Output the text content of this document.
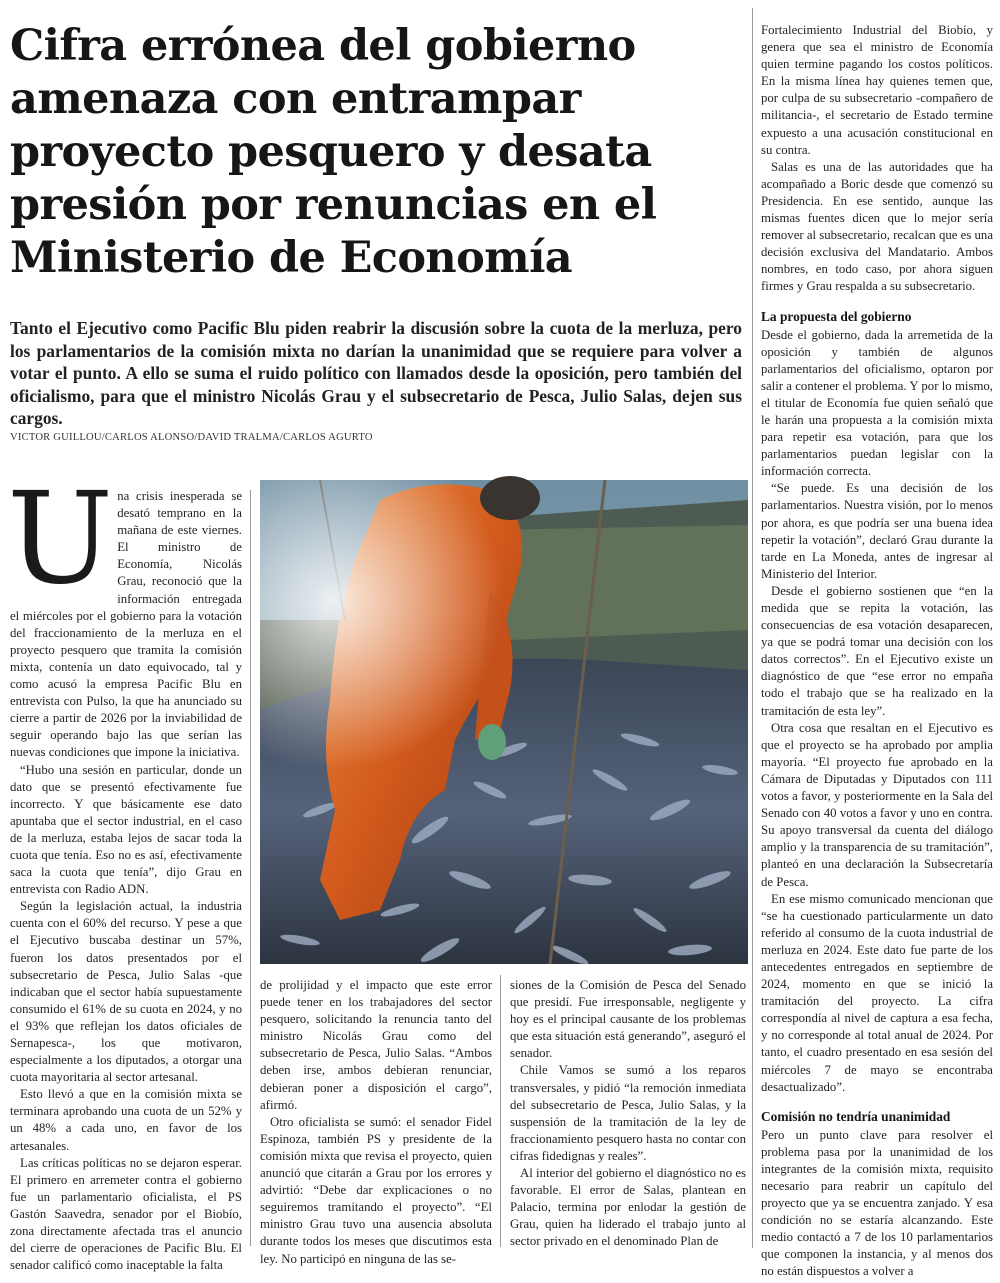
Cifra errónea del gobierno amenaza con entrampar proyecto pesquero y desata presión por renuncias en el Ministerio de Economía

Tanto el Ejecutivo como Pacific Blu piden reabrir la discusión sobre la cuota de la merluza, pero los parlamentarios de la comisión mixta no darían la unanimidad que se requiere para volver a votar el punto. A ello se suma el ruido político con llamados desde la oposición, pero también del oficialismo, para que el ministro Nicolás Grau y el subsecretario de Pesca, Julio Salas, dejen sus cargos.

VICTOR GUILLOU/CARLOS ALONSO/DAVID TRALMA/CARLOS AGURTO

U na crisis inesperada se desató temprano en la mañana de este viernes. El ministro de Economía, Nicolás Grau, reconoció que la información entregada el miércoles por el gobierno para la votación del fraccionamiento de la merluza en el proyecto pesquero que tramita la comisión mixta, contenía un dato equivocado, tal y como acusó la empresa Pacific Blu en entrevista con Pulso, la que ha anunciado su cierre a partir de 2026 por la inviabilidad de seguir operando bajo las que serían las nuevas condiciones que impone la iniciativa.

“Hubo una sesión en particular, donde un dato que se presentó efectivamente fue incorrecto. Y que básicamente ese dato apuntaba que el sector industrial, en el caso de la merluza, estaba lejos de sacar toda la cuota que tenía. Eso no es así, efectivamente saca la cuota que tenía”, dijo Grau en entrevista con Radio ADN.

Según la legislación actual, la industria cuenta con el 60% del recurso. Y pese a que el Ejecutivo buscaba destinar un 57%, fueron los datos presentados por el subsecretario de Pesca, Julio Salas -que indicaban que el sector había supuestamente consumido el 61% de su cuota en 2024, y no el 93% que reflejan los datos oficiales de Sernapesca-, los que motivaron, especialmente a los diputados, a otorgar una cuota mayoritaria al sector artesanal.

Esto llevó a que en la comisión mixta se terminara aprobando una cuota de un 52% y un 48% a cada uno, en favor de los artesanales.

Las críticas políticas no se dejaron esperar. El primero en arremeter contra el gobierno fue un parlamentario oficialista, el PS Gastón Saavedra, senador por el Biobío, zona directamente afectada tras el anuncio del cierre de operaciones de Pacific Blu. El senador calificó como inaceptable la falta

de prolijidad y el impacto que este error puede tener en los trabajadores del sector pesquero, solicitando la renuncia tanto del ministro Nicolás Grau como del subsecretario de Pesca, Julio Salas. “Ambos deben irse, ambos debieran renunciar, debieran poner a disposición el cargo”, afirmó.

Otro oficialista se sumó: el senador Fidel Espinoza, también PS y presidente de la comisión mixta que revisa el proyecto, quien anunció que citarán a Grau por los errores y advirtió: “Debe dar explicaciones o no seguiremos tramitando el proyecto”. “El ministro Grau tuvo una ausencia absoluta durante todos los meses que discutimos esta ley. No participó en ninguna de las se-

siones de la Comisión de Pesca del Senado que presidí. Fue irresponsable, negligente y hoy es el principal causante de los problemas que esta situación está generando”, aseguró el senador.

Chile Vamos se sumó a los reparos transversales, y pidió “la remoción inmediata del subsecretario de Pesca, Julio Salas, y la suspensión de la tramitación de la ley de fraccionamiento pesquero hasta no contar con cifras fidedignas y reales”.

Al interior del gobierno el diagnóstico no es favorable. El error de Salas, plantean en Palacio, termina por enlodar la gestión de Grau, quien ha liderado el trabajo junto al sector privado en el denominado Plan de

Fortalecimiento Industrial del Biobío, y genera que sea el ministro de Economía quien termine pagando los costos políticos. En la misma línea hay quienes temen que, por culpa de su subsecretario -compañero de militancia-, el secretario de Estado termine expuesto a una acusación constitucional en su contra.

Salas es una de las autoridades que ha acompañado a Boric desde que comenzó su Presidencia. En ese sentido, aunque las mismas fuentes dicen que lo mejor sería remover al subsecretario, recalcan que es una decisión exclusiva del Mandatario. Ambos nombres, en todo caso, por ahora siguen firmes y Grau respalda a su subsecretario.

La propuesta del gobierno

Desde el gobierno, dada la arremetida de la oposición y también de algunos parlamentarios del oficialismo, optaron por salir a contener el problema. Y por lo mismo, el titular de Economía fue quien señaló que le harán una propuesta a la comisión mixta para repetir esa votación, para que los parlamentarios puedan legislar con la información correcta.

“Se puede. Es una decisión de los parlamentarios. Nuestra visión, por lo menos por ahora, es que podría ser una buena idea repetir la votación”, declaró Grau durante la tarde en La Moneda, antes de ingresar al Ministerio del Interior.

Desde el gobierno sostienen que “en la medida que se repita la votación, las consecuencias de esa votación desaparecen, ya que se podrá tomar una decisión con los datos correctos”. En el Ejecutivo existe un diagnóstico de que “ese error no empaña todo el trabajo que se ha realizado en la tramitación de esta ley”.

Otra cosa que resaltan en el Ejecutivo es que el proyecto se ha aprobado por amplia mayoría. “El proyecto fue aprobado en la Cámara de Diputadas y Diputados con 111 votos a favor, y posteriormente en la Sala del Senado con 40 votos a favor y uno en contra. Su apoyo transversal da cuenta del diálogo amplio y la transparencia de su tramitación”, planteó en una declaración la Subsecretaría de Pesca.

En ese mismo comunicado mencionan que “se ha cuestionado particularmente un dato referido al consumo de la cuota industrial de merluza en 2024. Este dato fue parte de los antecedentes entregados en septiembre de 2024, momento en que se inició la tramitación del proyecto. La cifra correspondía al nivel de captura a esa fecha, y no corresponde al total anual de 2024. Por tanto, el cuadro presentado en esa sesión del miércoles 7 de mayo se encontraba desactualizado”.

Comisión no tendría unanimidad

Pero un punto clave para resolver el problema pasa por la unanimidad de los integrantes de la comisión mixta, requisito necesario para reabrir un capítulo del proyecto que ya se encuentra zanjado. Y esa condición no se estaría alcanzando. Este medio contactó a 7 de los 10 parlamentarios que componen la instancia, y al menos dos no están dispuestos a volver a
